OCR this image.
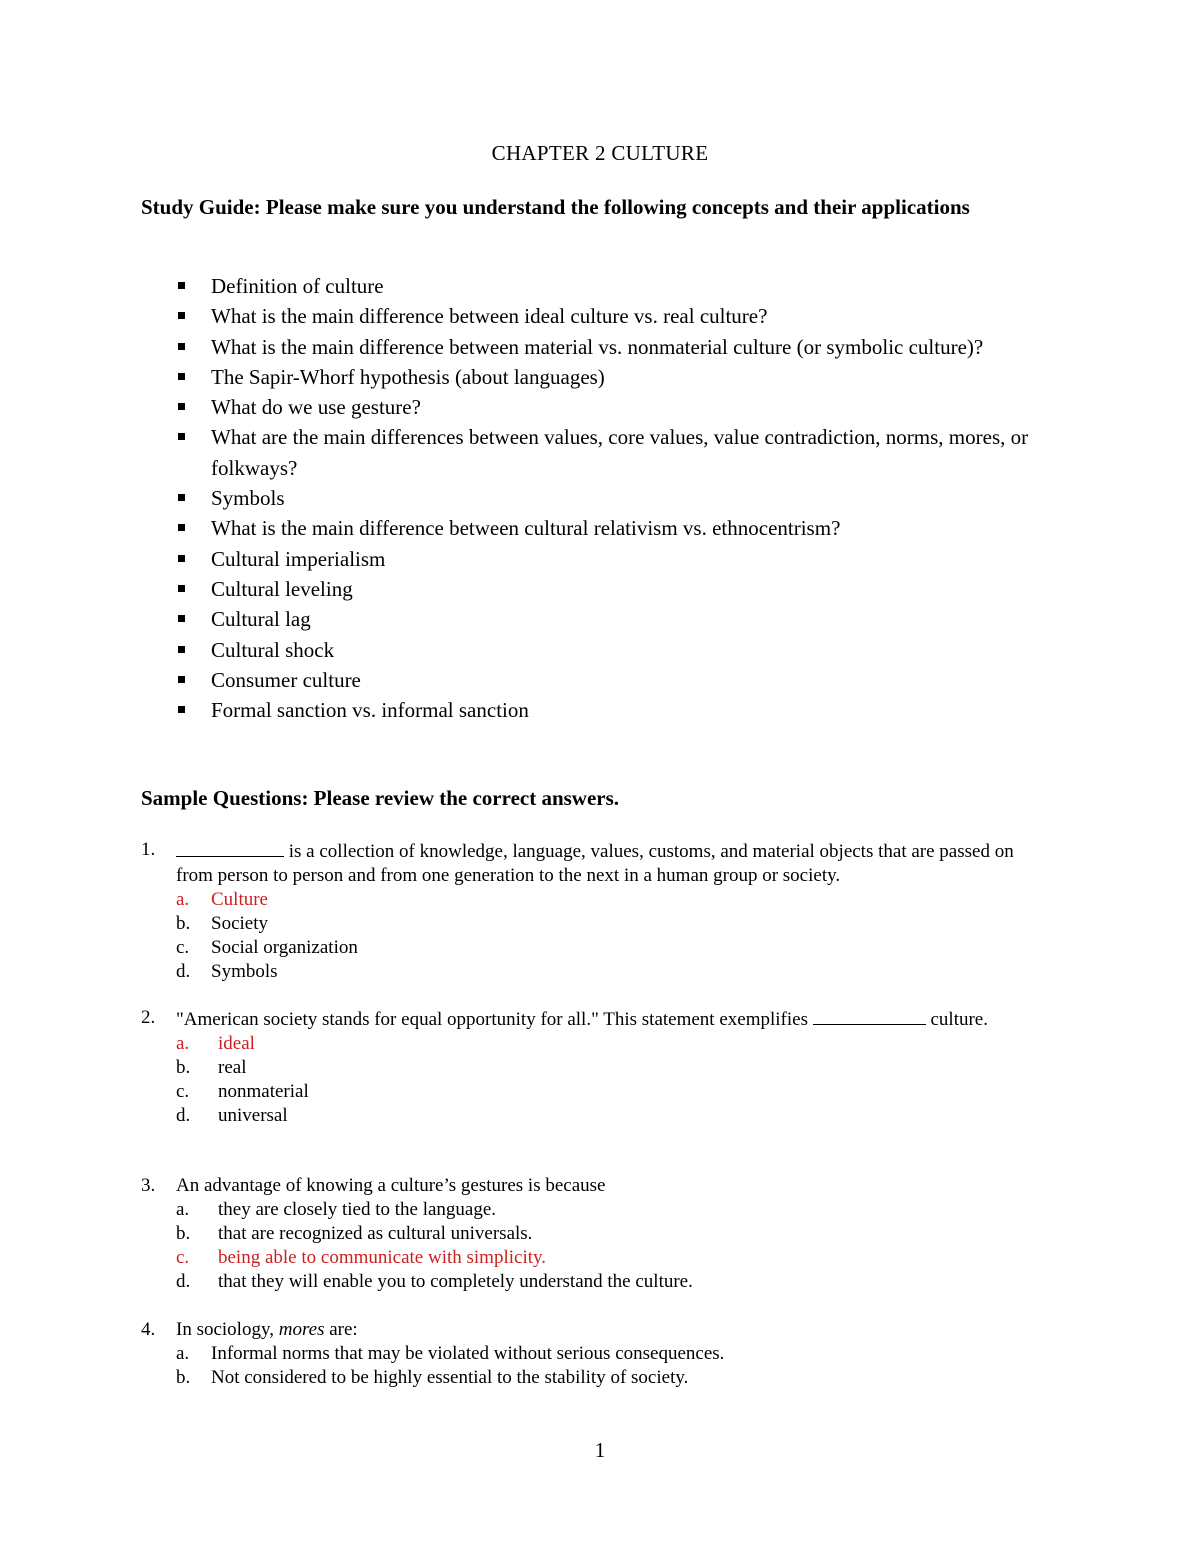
CHAPTER 2 CULTURE
Study Guide: Please make sure you understand the following concepts and their applications
Definition of culture
What is the main difference between ideal culture vs. real culture?
What is the main difference between material vs. nonmaterial culture (or symbolic culture)?
The Sapir-Whorf hypothesis (about languages)
What do we use gesture?
What are the main differences between values, core values, value contradiction, norms, mores, or folkways?
Symbols
What is the main difference between cultural relativism vs. ethnocentrism?
Cultural imperialism
Cultural leveling
Cultural lag
Cultural shock
Consumer culture
Formal sanction vs. informal sanction
Sample Questions: Please review the correct answers.
1.	is a collection of knowledge, language, values, customs, and material objects that are passed on from person to person and from one generation to the next in a human group or society.
a. Culture
b. Society
c. Social organization
d. Symbols
2. "American society stands for equal opportunity for all." This statement exemplifies	culture.
a. ideal
b. real
c. nonmaterial
d. universal
3. An advantage of knowing a culture’s gestures is because
a. they are closely tied to the language.
b. that are recognized as cultural universals.
c. being able to communicate with simplicity.
d. that they will enable you to completely understand the culture.
4. In sociology, mores are:
a. Informal norms that may be violated without serious consequences.
b. Not considered to be highly essential to the stability of society.
1
